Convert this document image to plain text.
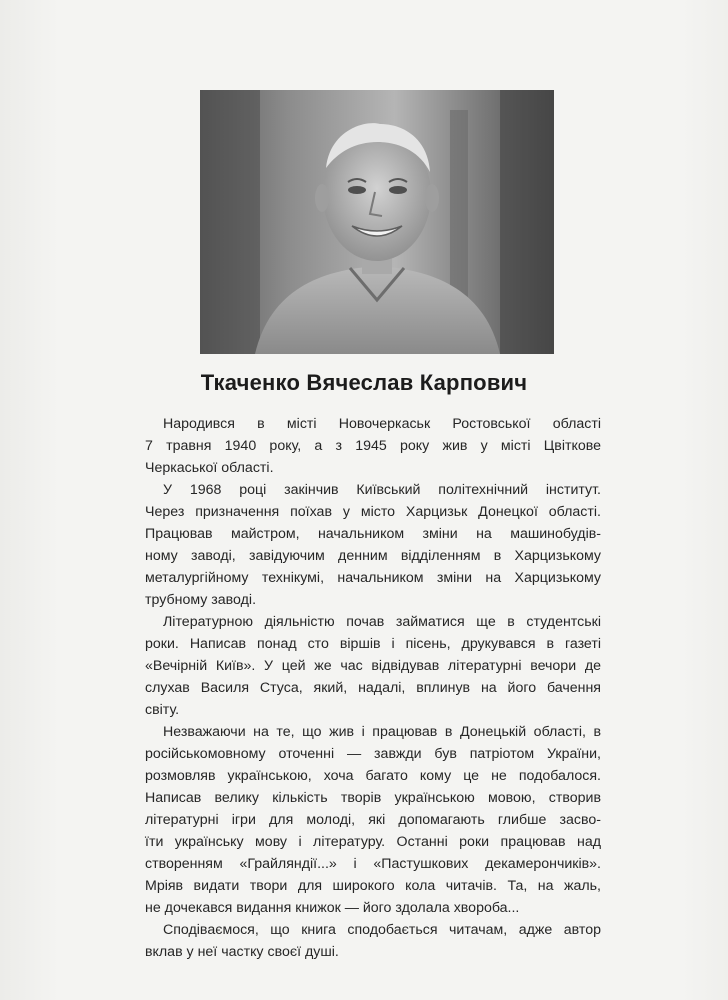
Ткаченко Вячеслав Карпович
Народився в місті Новочеркаськ Ростовської області
7 травня 1940 року, а з 1945 року жив у місті Цвіткове
Черкаської області.
У 1968 році закінчив Київський політехнічний інститут.
Через призначення поїхав у місто Харцизьк Донецкої області.
Працював майстром, начальником зміни на машинобудів-
ному заводі, завідуючим денним відділенням в Харцизькому
металургійному технікумі, начальником зміни на Харцизькому
трубному заводі.
Літературною діяльністю почав займатися ще в студентські
роки. Написав понад сто віршів і пісень, друкувався в газеті
«Вечірній Київ». У цей же час відвідував літературні вечори де
слухав Василя Стуса, який, надалі, вплинув на його бачення
світу.
Незважаючи на те, що жив і працював в Донецькій області, в
російськомовному оточенні — завжди був патріотом України,
розмовляв українською, хоча багато кому це не подобалося.
Написав велику кількість творів українською мовою, створив
літературні ігри для молоді, які допомагають глибше засво-
їти українську мову і літературу. Останні роки працював над
створенням «Грайляндії...» і «Пастушкових декамерончиків».
Мріяв видати твори для широкого кола читачів. Та, на жаль,
не дочекався видання книжок — його здолала хвороба...
Сподіваємося, що книга сподобається читачам, адже автор
вклав у неї частку своєї душі.
